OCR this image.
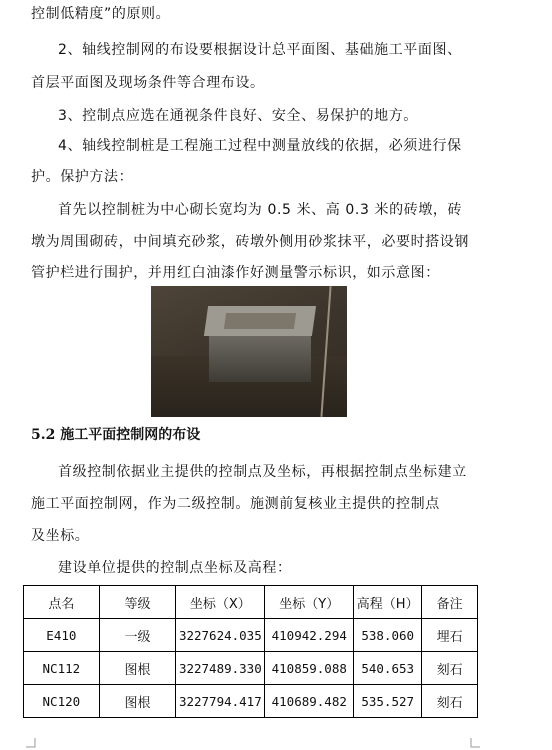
控制低精度”的原则。
2、轴线控制网的布设要根据设计总平面图、基础施工平面图、
首层平面图及现场条件等合理布设。
3、控制点应选在通视条件良好、安全、易保护的地方。
4、轴线控制桩是工程施工过程中测量放线的依据，必须进行保
护。保护方法：
首先以控制桩为中心砌长宽均为 0.5 米、高 0.3 米的砖墩，砖
墩为周围砌砖，中间填充砂浆，砖墩外侧用砂浆抹平，必要时搭设钢
管护栏进行围护，并用红白油漆作好测量警示标识，如示意图：
5.2 施工平面控制网的布设
首级控制依据业主提供的控制点及坐标，再根据控制点坐标建立
施工平面控制网，作为二级控制。施测前复核业主提供的控制点
及坐标。
建设单位提供的控制点坐标及高程：
点名	等级	坐标（X）	坐标（Y）	高程（H）	备注
E410	一级	3227624.035	410942.294	538.060	埋石
NC112	图根	3227489.330	410859.088	540.653	刻石
NC120	图根	3227794.417	410689.482	535.527	刻石
